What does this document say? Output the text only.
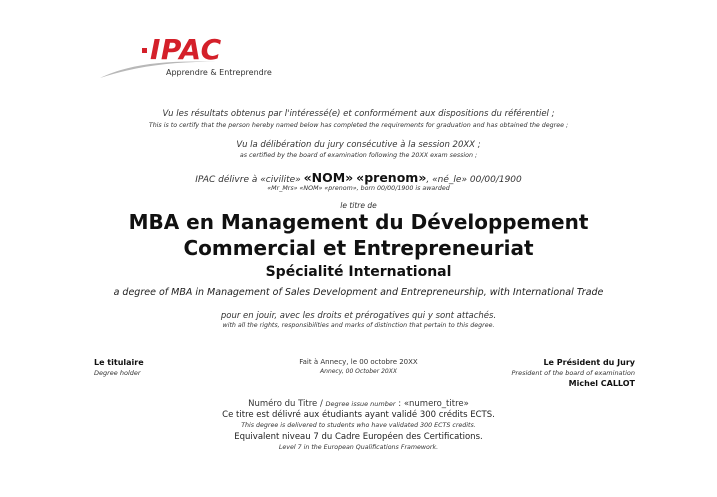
IPAC
Apprendre & Entreprendre
Vu les résultats obtenus par l'intéressé(e) et conformément aux dispositions du référentiel ;
This is to certify that the person hereby named below has completed the requirements for graduation and has obtained the degree ;
Vu la délibération du jury consécutive à la session 20XX ;
as certified by the board of examination following the 20XX exam session ;
IPAC délivre à «civilite» «NOM» «prenom», «né_le» 00/00/1900
«Mr_Mrs» «NOM» «prenom», born 00/00/1900 is awarded
le titre de
MBA en Management du Développement
Commercial et Entrepreneuriat
Spécialité International
a degree of MBA in Management of Sales Development and Entrepreneurship, with International Trade
pour en jouir, avec les droits et prérogatives qui y sont attachés.
with all the rights, responsibilities and marks of distinction that pertain to this degree.
Le titulaire
Degree holder
Fait à Annecy, le 00 octobre 20XX
Annecy, 00 October 20XX
Le Président du Jury
President of the board of examination
Michel CALLOT
Numéro du Titre / Degree issue number : «numero_titre»
Ce titre est délivré aux étudiants ayant validé 300 crédits ECTS.
This degree is delivered to students who have validated 300 ECTS credits.
Equivalent niveau 7 du Cadre Européen des Certifications.
Level 7 in the European Qualifications Framework.
